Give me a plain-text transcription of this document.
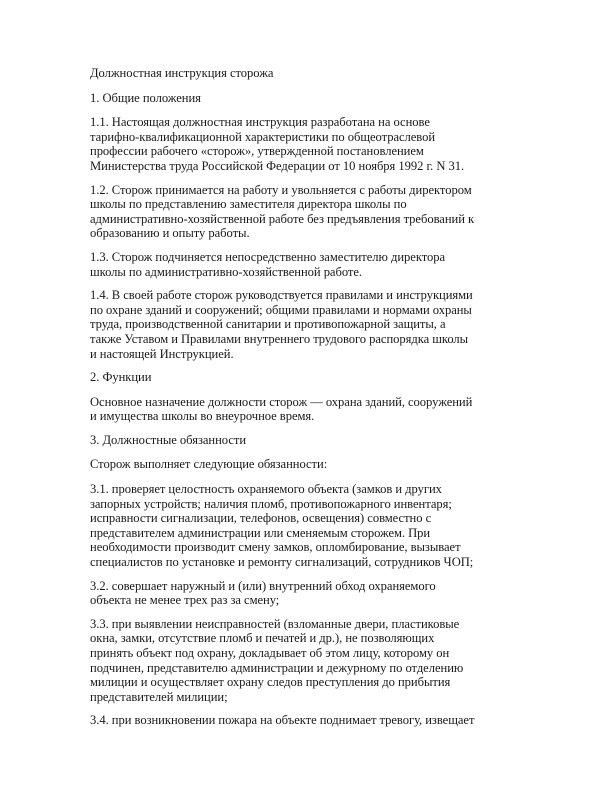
Должностная инструкция сторожа

1. Общие положения

1.1. Настоящая должностная инструкция разработана на основе
тарифно-квалификационной характеристики по общеотраслевой
профессии рабочего «сторож», утвержденной постановлением
Министерства труда Российской Федерации от 10 ноября 1992 г. N 31.

1.2. Сторож принимается на работу и увольняется с работы директором
школы по представлению заместителя директора школы по
административно-хозяйственной работе без предъявления требований к
образованию и опыту работы.

1.3. Сторож подчиняется непосредственно заместителю директора
школы по административно-хозяйственной работе.

1.4. В своей работе сторож руководствуется правилами и инструкциями
по охране зданий и сооружений; общими правилами и нормами охраны
труда, производственной санитарии и противопожарной защиты, а
также Уставом и Правилами внутреннего трудового распорядка школы
и настоящей Инструкцией.

2. Функции

Основное назначение должности сторож — охрана зданий, сооружений
и имущества школы во внеурочное время.

3. Должностные обязанности

Сторож выполняет следующие обязанности:

3.1. проверяет целостность охраняемого объекта (замков и других
запорных устройств; наличия пломб, противопожарного инвентаря;
исправности сигнализации, телефонов, освещения) совместно с
представителем администрации или сменяемым сторожем. При
необходимости производит смену замков, опломбирование, вызывает
специалистов по установке и ремонту сигнализаций, сотрудников ЧОП;

3.2. совершает наружный и (или) внутренний обход охраняемого
объекта не менее трех раз за смену;

3.3. при выявлении неисправностей (взломанные двери, пластиковые
окна, замки, отсутствие пломб и печатей и др.), не позволяющих
принять объект под охрану, докладывает об этом лицу, которому он
подчинен, представителю администрации и дежурному по отделению
милиции и осуществляет охрану следов преступления до прибытия
представителей милиции;

3.4. при возникновении пожара на объекте поднимает тревогу, извещает
